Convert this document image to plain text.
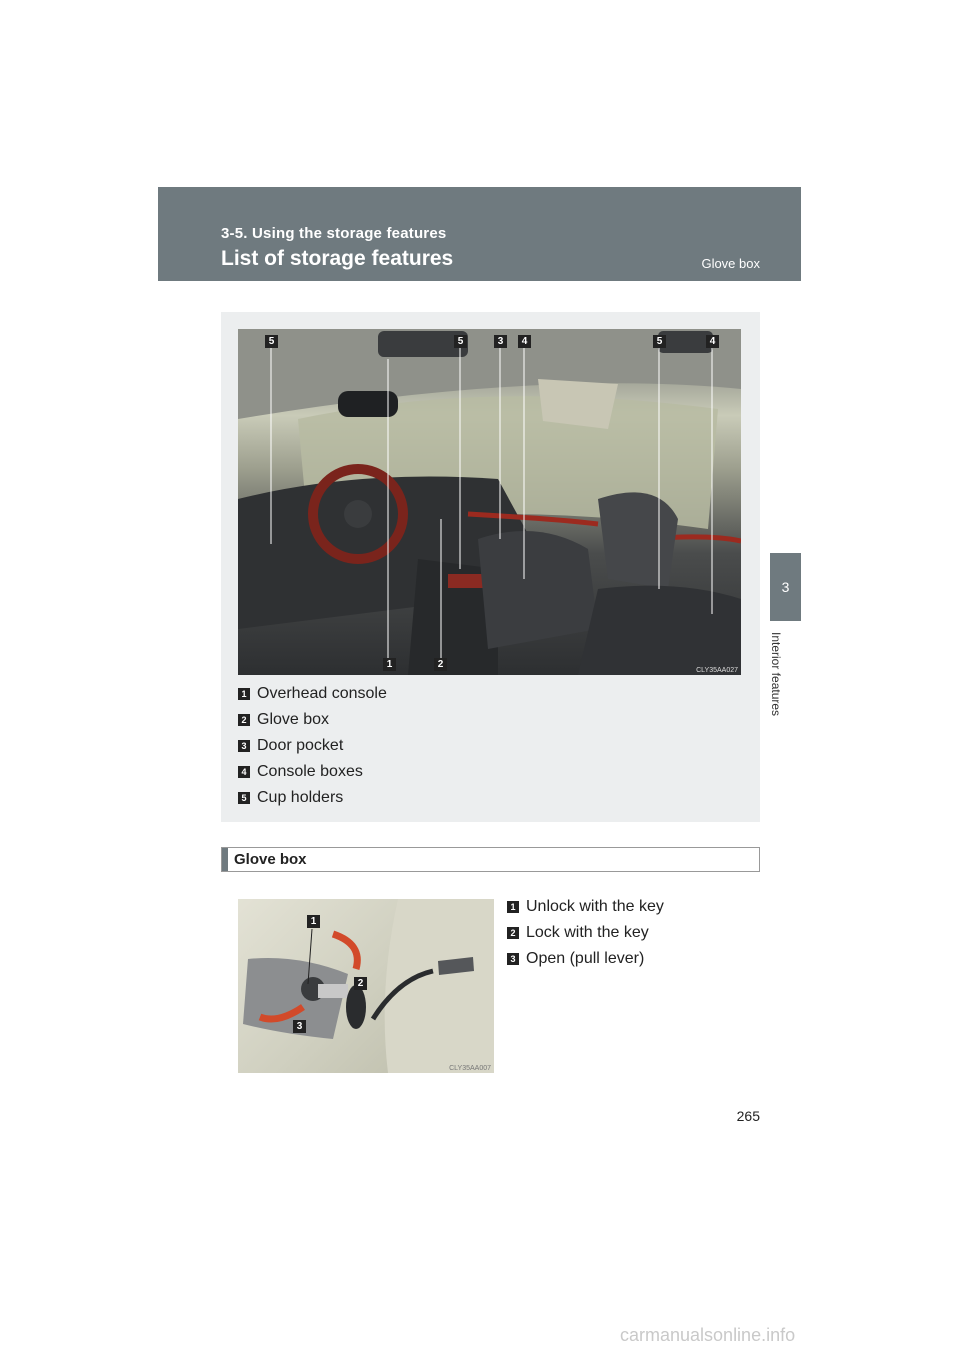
3-5. Using the storage features
List of storage features	Glove box
3
Interior features
5	5	3	4	5	4
1	2
CLY35AA027
1 Overhead console
2 Glove box
3 Door pocket
4 Console boxes
5 Cup holders
Glove box
1
2
3
CLY35AA007
1 Unlock with the key
2 Lock with the key
3 Open (pull lever)
265
carmanualsonline.info
